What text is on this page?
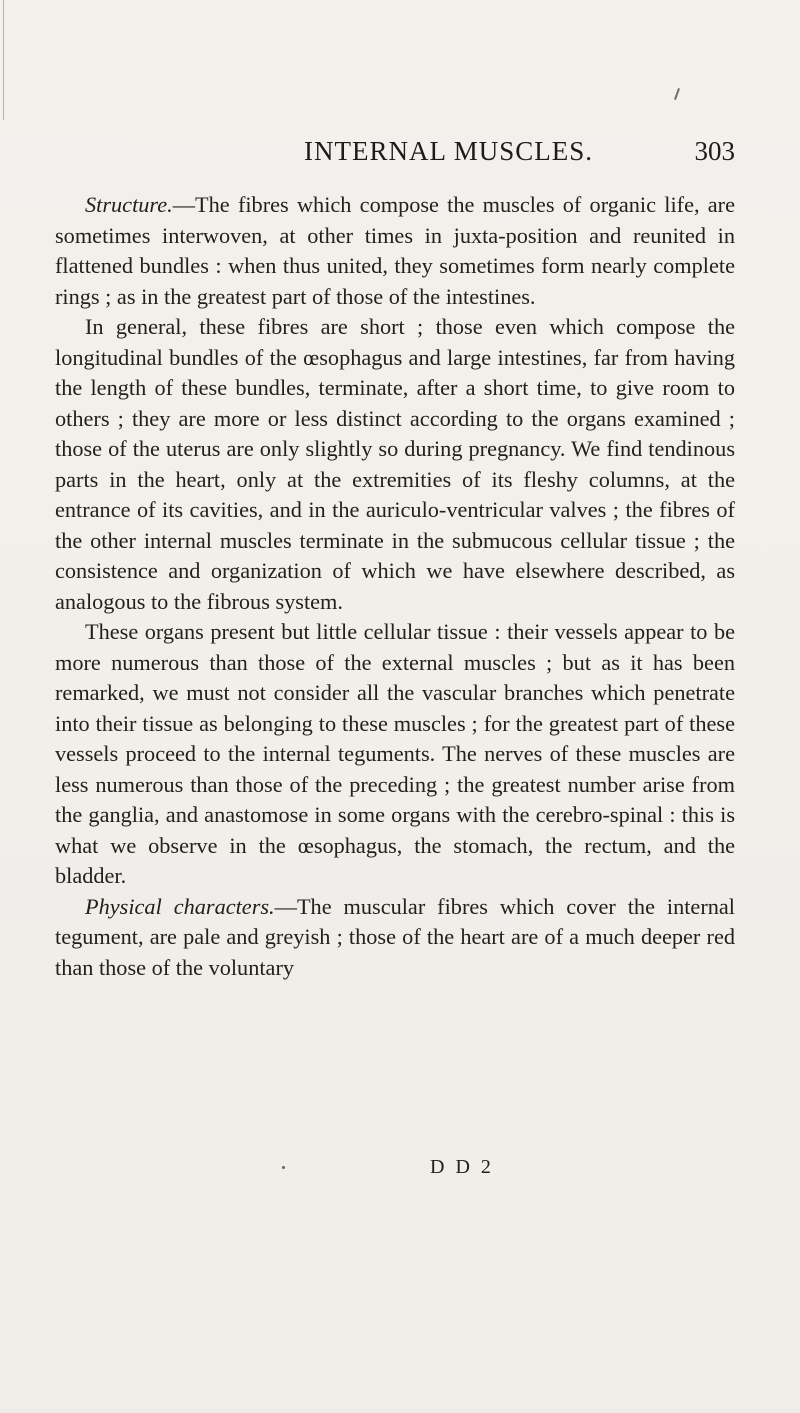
INTERNAL MUSCLES.	303

Structure.—The fibres which compose the muscles of organic life, are sometimes interwoven, at other times in juxta-position and reunited in flattened bundles : when thus united, they sometimes form nearly complete rings ; as in the greatest part of those of the intestines.

In general, these fibres are short ; those even which compose the longitudinal bundles of the œsophagus and large intestines, far from having the length of these bundles, terminate, after a short time, to give room to others ; they are more or less distinct according to the organs examined ; those of the uterus are only slightly so during pregnancy. We find tendinous parts in the heart, only at the extremities of its fleshy columns, at the entrance of its cavities, and in the auriculo-ventricular valves ; the fibres of the other internal muscles terminate in the submucous cellular tissue ; the consistence and organization of which we have elsewhere described, as analogous to the fibrous system.

These organs present but little cellular tissue : their vessels appear to be more numerous than those of the external muscles ; but as it has been remarked, we must not consider all the vascular branches which penetrate into their tissue as belonging to these muscles ; for the greatest part of these vessels proceed to the internal teguments. The nerves of these muscles are less numerous than those of the preceding ; the greatest number arise from the ganglia, and anastomose in some organs with the cerebro-spinal : this is what we observe in the œsophagus, the stomach, the rectum, and the bladder.

Physical characters.—The muscular fibres which cover the internal tegument, are pale and greyish ; those of the heart are of a much deeper red than those of the voluntary

D D 2
